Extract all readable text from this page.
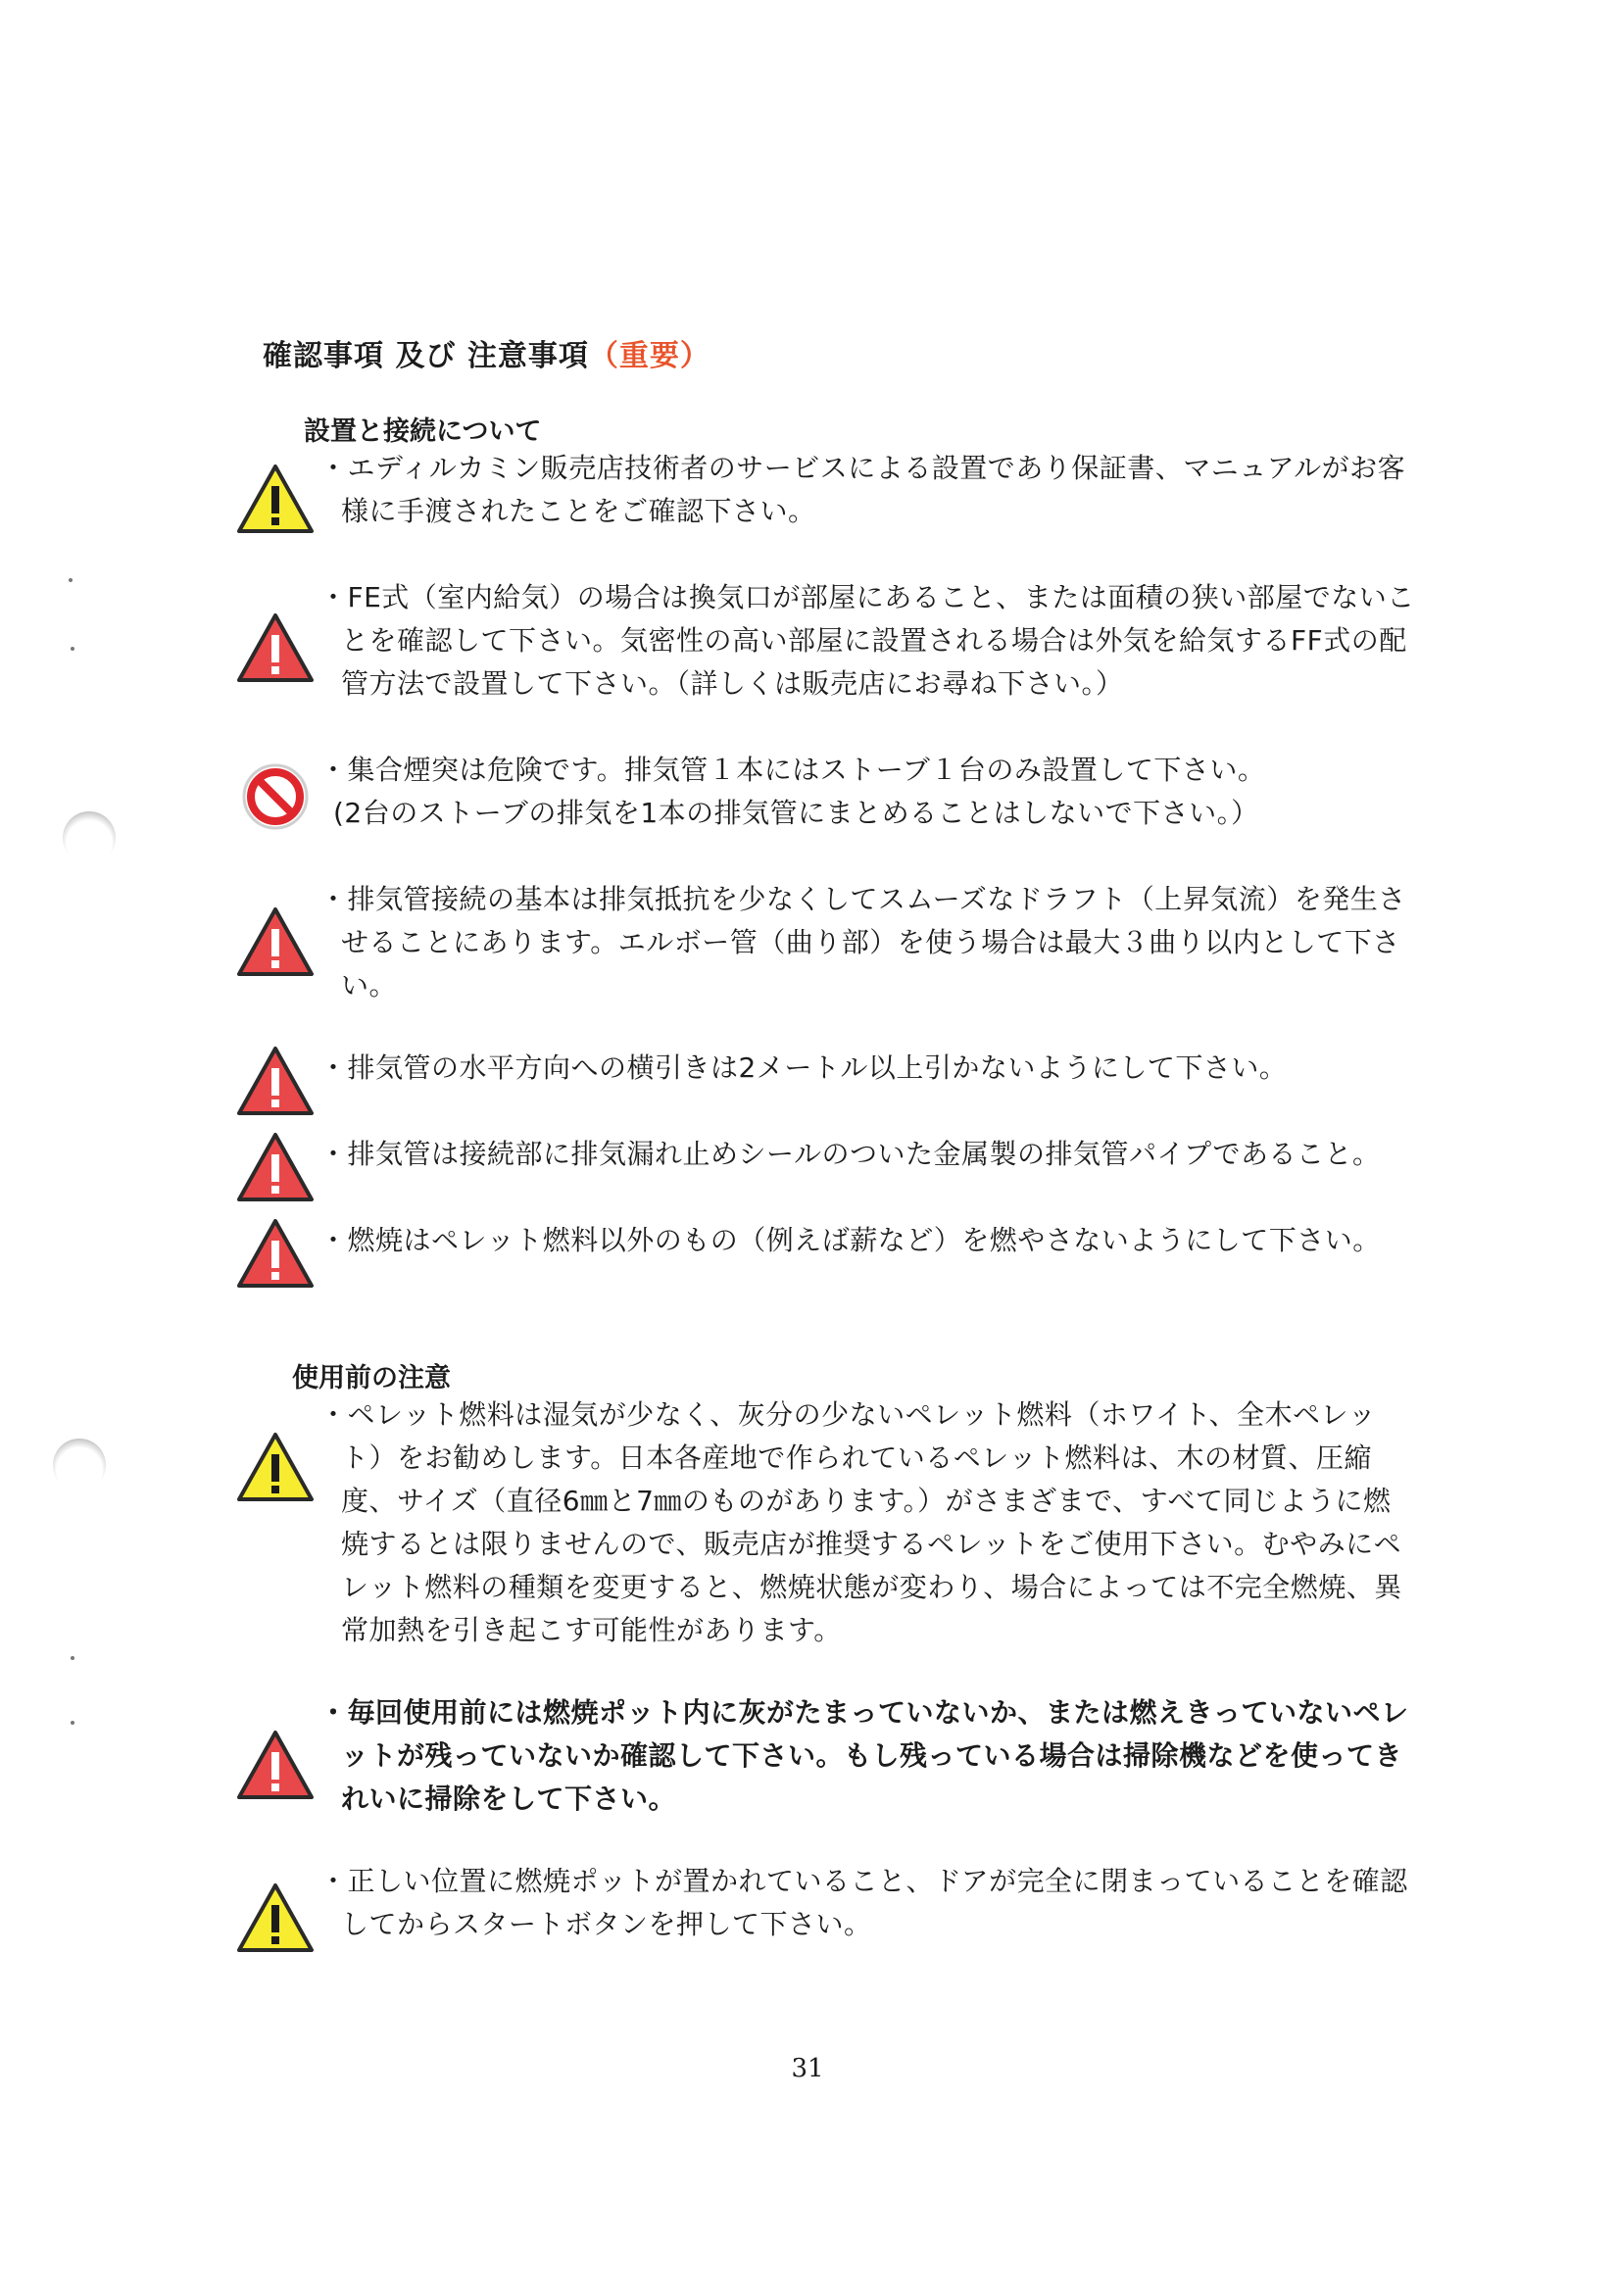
確認事項 及び 注意事項（重要）
設置と接続について
・エディルカミン販売店技術者のサービスによる設置であり保証書、マニュアルがお客
様に手渡されたことをご確認下さい。
・FE式（室内給気）の場合は換気口が部屋にあること、または面積の狭い部屋でないこ
とを確認して下さい。気密性の高い部屋に設置される場合は外気を給気するFF式の配
管方法で設置して下さい。（詳しくは販売店にお尋ね下さい。）
・集合煙突は危険です。排気管１本にはストーブ１台のみ設置して下さい。
(2台のストーブの排気を1本の排気管にまとめることはしないで下さい。）
・排気管接続の基本は排気抵抗を少なくしてスムーズなドラフト（上昇気流）を発生さ
せることにあります。エルボー管（曲り部）を使う場合は最大３曲り以内として下さ
い。
・排気管の水平方向への横引きは2メートル以上引かないようにして下さい。
・排気管は接続部に排気漏れ止めシールのついた金属製の排気管パイプであること。
・燃焼はペレット燃料以外のもの（例えば薪など）を燃やさないようにして下さい。
使用前の注意
・ペレット燃料は湿気が少なく、灰分の少ないペレット燃料（ホワイト、全木ペレッ
ト）をお勧めします。日本各産地で作られているペレット燃料は、木の材質、圧縮
度、サイズ（直径6㎜と7㎜のものがあります。）がさまざまで、すべて同じように燃
焼するとは限りませんので、販売店が推奨するペレットをご使用下さい。むやみにペ
レット燃料の種類を変更すると、燃焼状態が変わり、場合によっては不完全燃焼、異
常加熱を引き起こす可能性があります。
・毎回使用前には燃焼ポット内に灰がたまっていないか、または燃えきっていないペレ
ットが残っていないか確認して下さい。もし残っている場合は掃除機などを使ってき
れいに掃除をして下さい。
・正しい位置に燃焼ポットが置かれていること、ドアが完全に閉まっていることを確認
してからスタートボタンを押して下さい。
31
